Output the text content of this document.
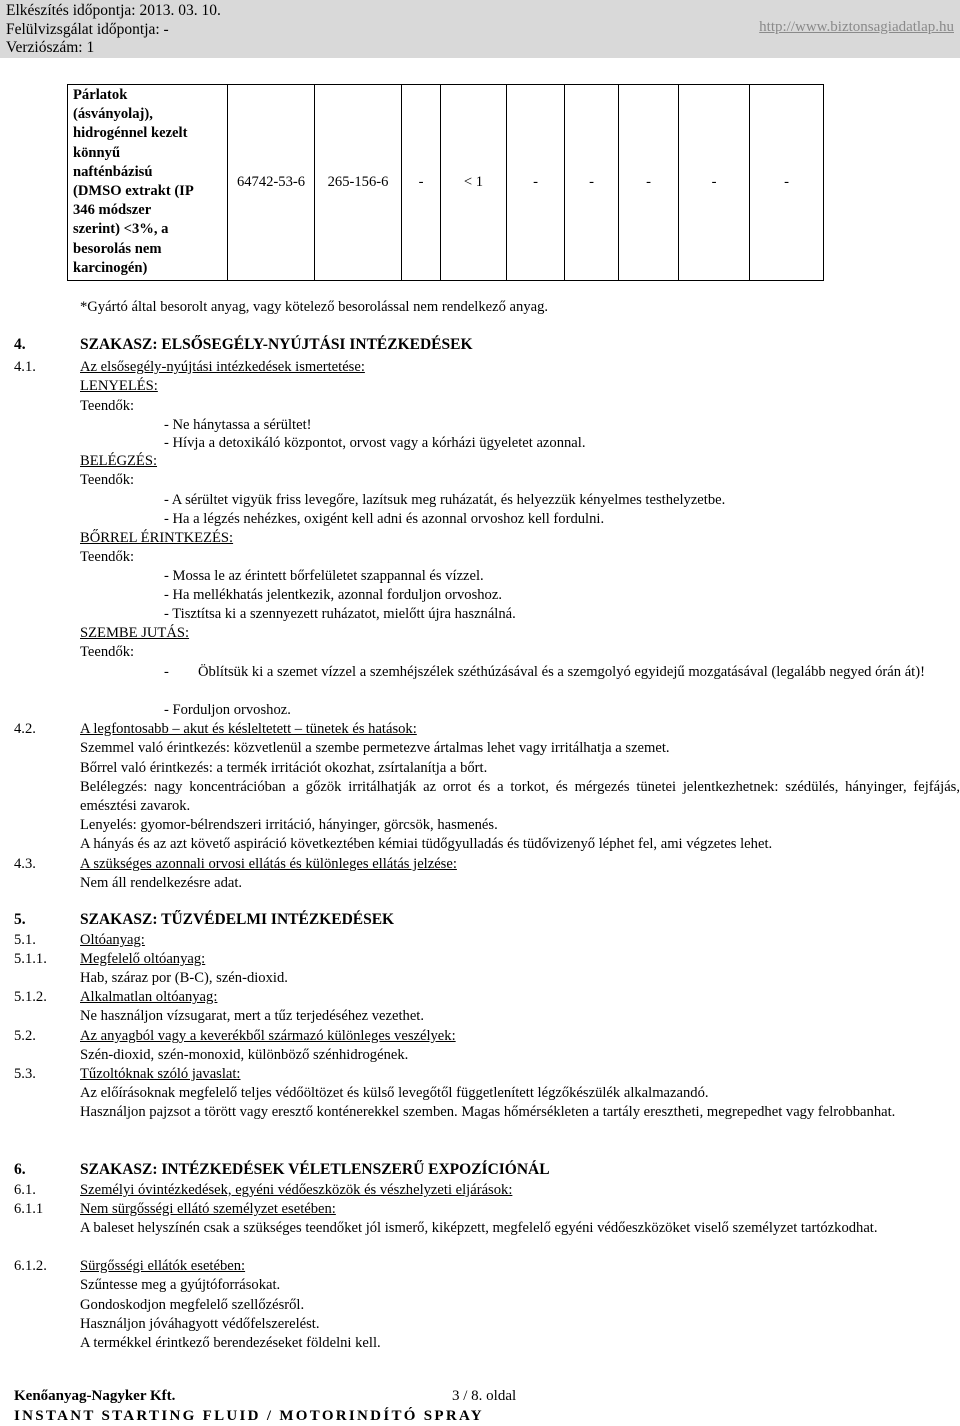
Elkészítés időpontja: 2013. 03. 10.
Felülvizsgálat időpontja: -
Verziószám: 1
http://www.biztonsagiadatlap.hu
Párlatok
(ásványolaj),
hidrogénnel kezelt
könnyű
nafténbázisú
(DMSO extrakt (IP
346 módszer
szerint) <3%, a
besorolás nem
karcinogén)
	64742-53-6	265-156-6	-	< 1	-	-	-	-	-
*Gyártó által besorolt anyag, vagy kötelező besorolással nem rendelkező anyag.
4.	SZAKASZ: ELSŐSEGÉLY-NYÚJTÁSI INTÉZKEDÉSEK
4.1.	Az elsősegély-nyújtási intézkedések ismertetése:
LENYELÉS:
Teendők:
- Ne hánytassa a sérültet!
- Hívja a detoxikáló központot, orvost vagy a kórházi ügyeletet azonnal.
BELÉGZÉS:
Teendők:
- A sérültet vigyük friss levegőre, lazítsuk meg ruházatát, és helyezzük kényelmes testhelyzetbe.
- Ha a légzés nehézkes, oxigént kell adni és azonnal orvoshoz kell fordulni.
BŐRREL ÉRINTKEZÉS:
Teendők:
- Mossa le az érintett bőrfelületet szappannal és vízzel.
- Ha mellékhatás jelentkezik, azonnal forduljon orvoshoz.
- Tisztítsa ki a szennyezett ruházatot, mielőtt újra használná.
SZEMBE JUTÁS:
Teendők:
- Öblítsük ki a szemet vízzel a szemhéjszélek széthúzásával és a szemgolyó egyidejű mozgatásával (legalább negyed órán át)!
- Forduljon orvoshoz.
4.2.	A legfontosabb – akut és késleltetett – tünetek és hatások:
Szemmel való érintkezés: közvetlenül a szembe permetezve ártalmas lehet vagy irritálhatja a szemet.
Bőrrel való érintkezés: a termék irritációt okozhat, zsírtalanítja a bőrt.
Belélegzés: nagy koncentrációban a gőzök irritálhatják az orrot és a torkot, és mérgezés tünetei jelentkezhetnek: szédülés, hányinger, fejfájás, emésztési zavarok.
Lenyelés: gyomor-bélrendszeri irritáció, hányinger, görcsök, hasmenés.
A hányás és az azt követő aspiráció következtében kémiai tüdőgyulladás és tüdővizenyő léphet fel, ami végzetes lehet.
4.3.	A szükséges azonnali orvosi ellátás és különleges ellátás jelzése:
Nem áll rendelkezésre adat.
5.	SZAKASZ: TŰZVÉDELMI INTÉZKEDÉSEK
5.1.	Oltóanyag:
5.1.1. Megfelelő oltóanyag:
Hab, száraz por (B-C), szén-dioxid.
5.1.2. Alkalmatlan oltóanyag:
Ne használjon vízsugarat, mert a tűz terjedéséhez vezethet.
5.2.	Az anyagból vagy a keverékből származó különleges veszélyek:
Szén-dioxid, szén-monoxid, különböző szénhidrogének.
5.3.	Tűzoltóknak szóló javaslat:
Az előírásoknak megfelelő teljes védőöltözet és külső levegőtől függetlenített légzőkészülék alkalmazandó.
Használjon pajzsot a törött vagy eresztő konténerekkel szemben. Magas hőmérsékleten a tartály eresztheti, megrepedhet vagy felrobbanhat.
6.	SZAKASZ: INTÉZKEDÉSEK VÉLETLENSZERŰ EXPOZÍCIÓNÁL
6.1.	Személyi óvintézkedések, egyéni védőeszközök és vészhelyzeti eljárások:
6.1.1	Nem sürgősségi ellátó személyzet esetében:
A baleset helyszínén csak a szükséges teendőket jól ismerő, kiképzett, megfelelő egyéni védőeszközöket viselő személyzet tartózkodhat.
6.1.2. Sürgősségi ellátók esetében:
Szűntesse meg a gyújtóforrásokat.
Gondoskodjon megfelelő szellőzésről.
Használjon jóváhagyott védőfelszerelést.
A termékkel érintkező berendezéseket földelni kell.
Kenőanyag-Nagyker Kft.	3 / 8. oldal
INSTANT STARTING FLUID / MOTORINDÍTÓ SPRAY
